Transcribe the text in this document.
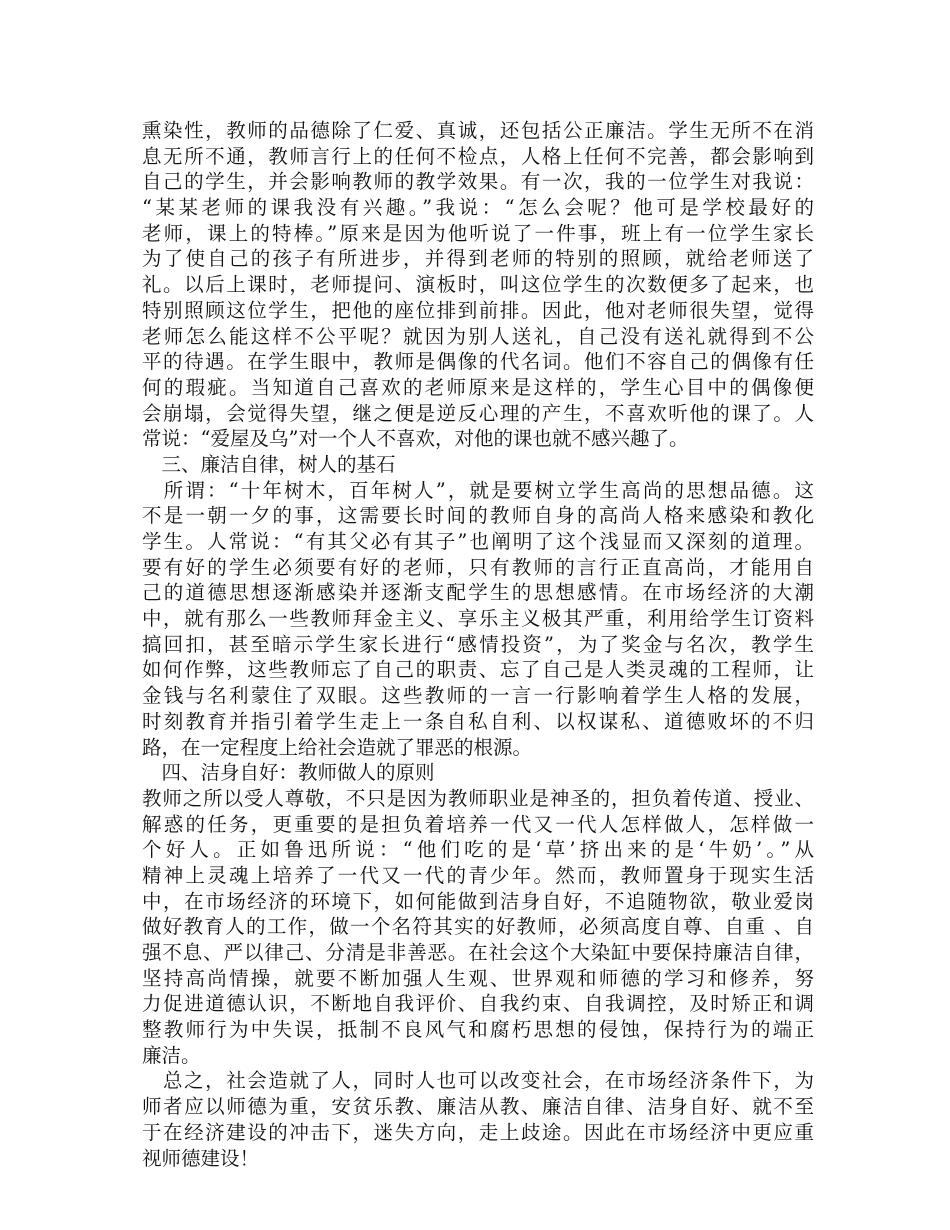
熏染性，教师的品德除了仁爱、真诚，还包括公正廉洁。学生无所不在消
息无所不通，教师言行上的任何不检点，人格上任何不完善，都会影响到
自己的学生，并会影响教师的教学效果。有一次，我的一位学生对我说：
“某某老师的课我没有兴趣。”我说：“怎么会呢？他可是学校最好的
老师，课上的特棒。”原来是因为他听说了一件事，班上有一位学生家长
为了使自己的孩子有所进步，并得到老师的特别的照顾，就给老师送了
礼。以后上课时，老师提问、演板时，叫这位学生的次数便多了起来，也
特别照顾这位学生，把他的座位排到前排。因此，他对老师很失望，觉得
老师怎么能这样不公平呢？就因为别人送礼，自己没有送礼就得到不公
平的待遇。在学生眼中，教师是偶像的代名词。他们不容自己的偶像有任
何的瑕疵。当知道自己喜欢的老师原来是这样的，学生心目中的偶像便
会崩塌，会觉得失望，继之便是逆反心理的产生，不喜欢听他的课了。人
常说：“爱屋及乌”对一个人不喜欢，对他的课也就不感兴趣了。
　三、廉洁自律，树人的基石
　所谓：“十年树木，百年树人”，就是要树立学生高尚的思想品德。这
不是一朝一夕的事，这需要长时间的教师自身的高尚人格来感染和教化
学生。人常说：“有其父必有其子”也阐明了这个浅显而又深刻的道理。
要有好的学生必须要有好的老师，只有教师的言行正直高尚，才能用自
己的道德思想逐渐感染并逐渐支配学生的思想感情。在市场经济的大潮
中，就有那么一些教师拜金主义、享乐主义极其严重，利用给学生订资料
搞回扣，甚至暗示学生家长进行“感情投资”，为了奖金与名次，教学生
如何作弊，这些教师忘了自己的职责、忘了自己是人类灵魂的工程师，让
金钱与名利蒙住了双眼。这些教师的一言一行影响着学生人格的发展，
时刻教育并指引着学生走上一条自私自利、以权谋私、道德败坏的不归
路，在一定程度上给社会造就了罪恶的根源。
　四、洁身自好：教师做人的原则
教师之所以受人尊敬，不只是因为教师职业是神圣的，担负着传道、授业、
解惑的任务，更重要的是担负着培养一代又一代人怎样做人，怎样做一
个好人。正如鲁迅所说：“他们吃的是‘草’挤出来的是‘牛奶’。”从
精神上灵魂上培养了一代又一代的青少年。然而，教师置身于现实生活
中，在市场经济的环境下，如何能做到洁身自好，不追随物欲，敬业爱岗
做好教育人的工作，做一个名符其实的好教师，必须高度自尊、自重 、自
强不息、严以律己、分清是非善恶。在社会这个大染缸中要保持廉洁自律，
坚持高尚情操，就要不断加强人生观、世界观和师德的学习和修养，努
力促进道德认识，不断地自我评价、自我约束、自我调控，及时矫正和调
整教师行为中失误，抵制不良风气和腐朽思想的侵蚀，保持行为的端正
廉洁。
　总之，社会造就了人，同时人也可以改变社会，在市场经济条件下，为
师者应以师德为重，安贫乐教、廉洁从教、廉洁自律、洁身自好、就不至
于在经济建设的冲击下，迷失方向，走上歧途。因此在市场经济中更应重
视师德建设！
